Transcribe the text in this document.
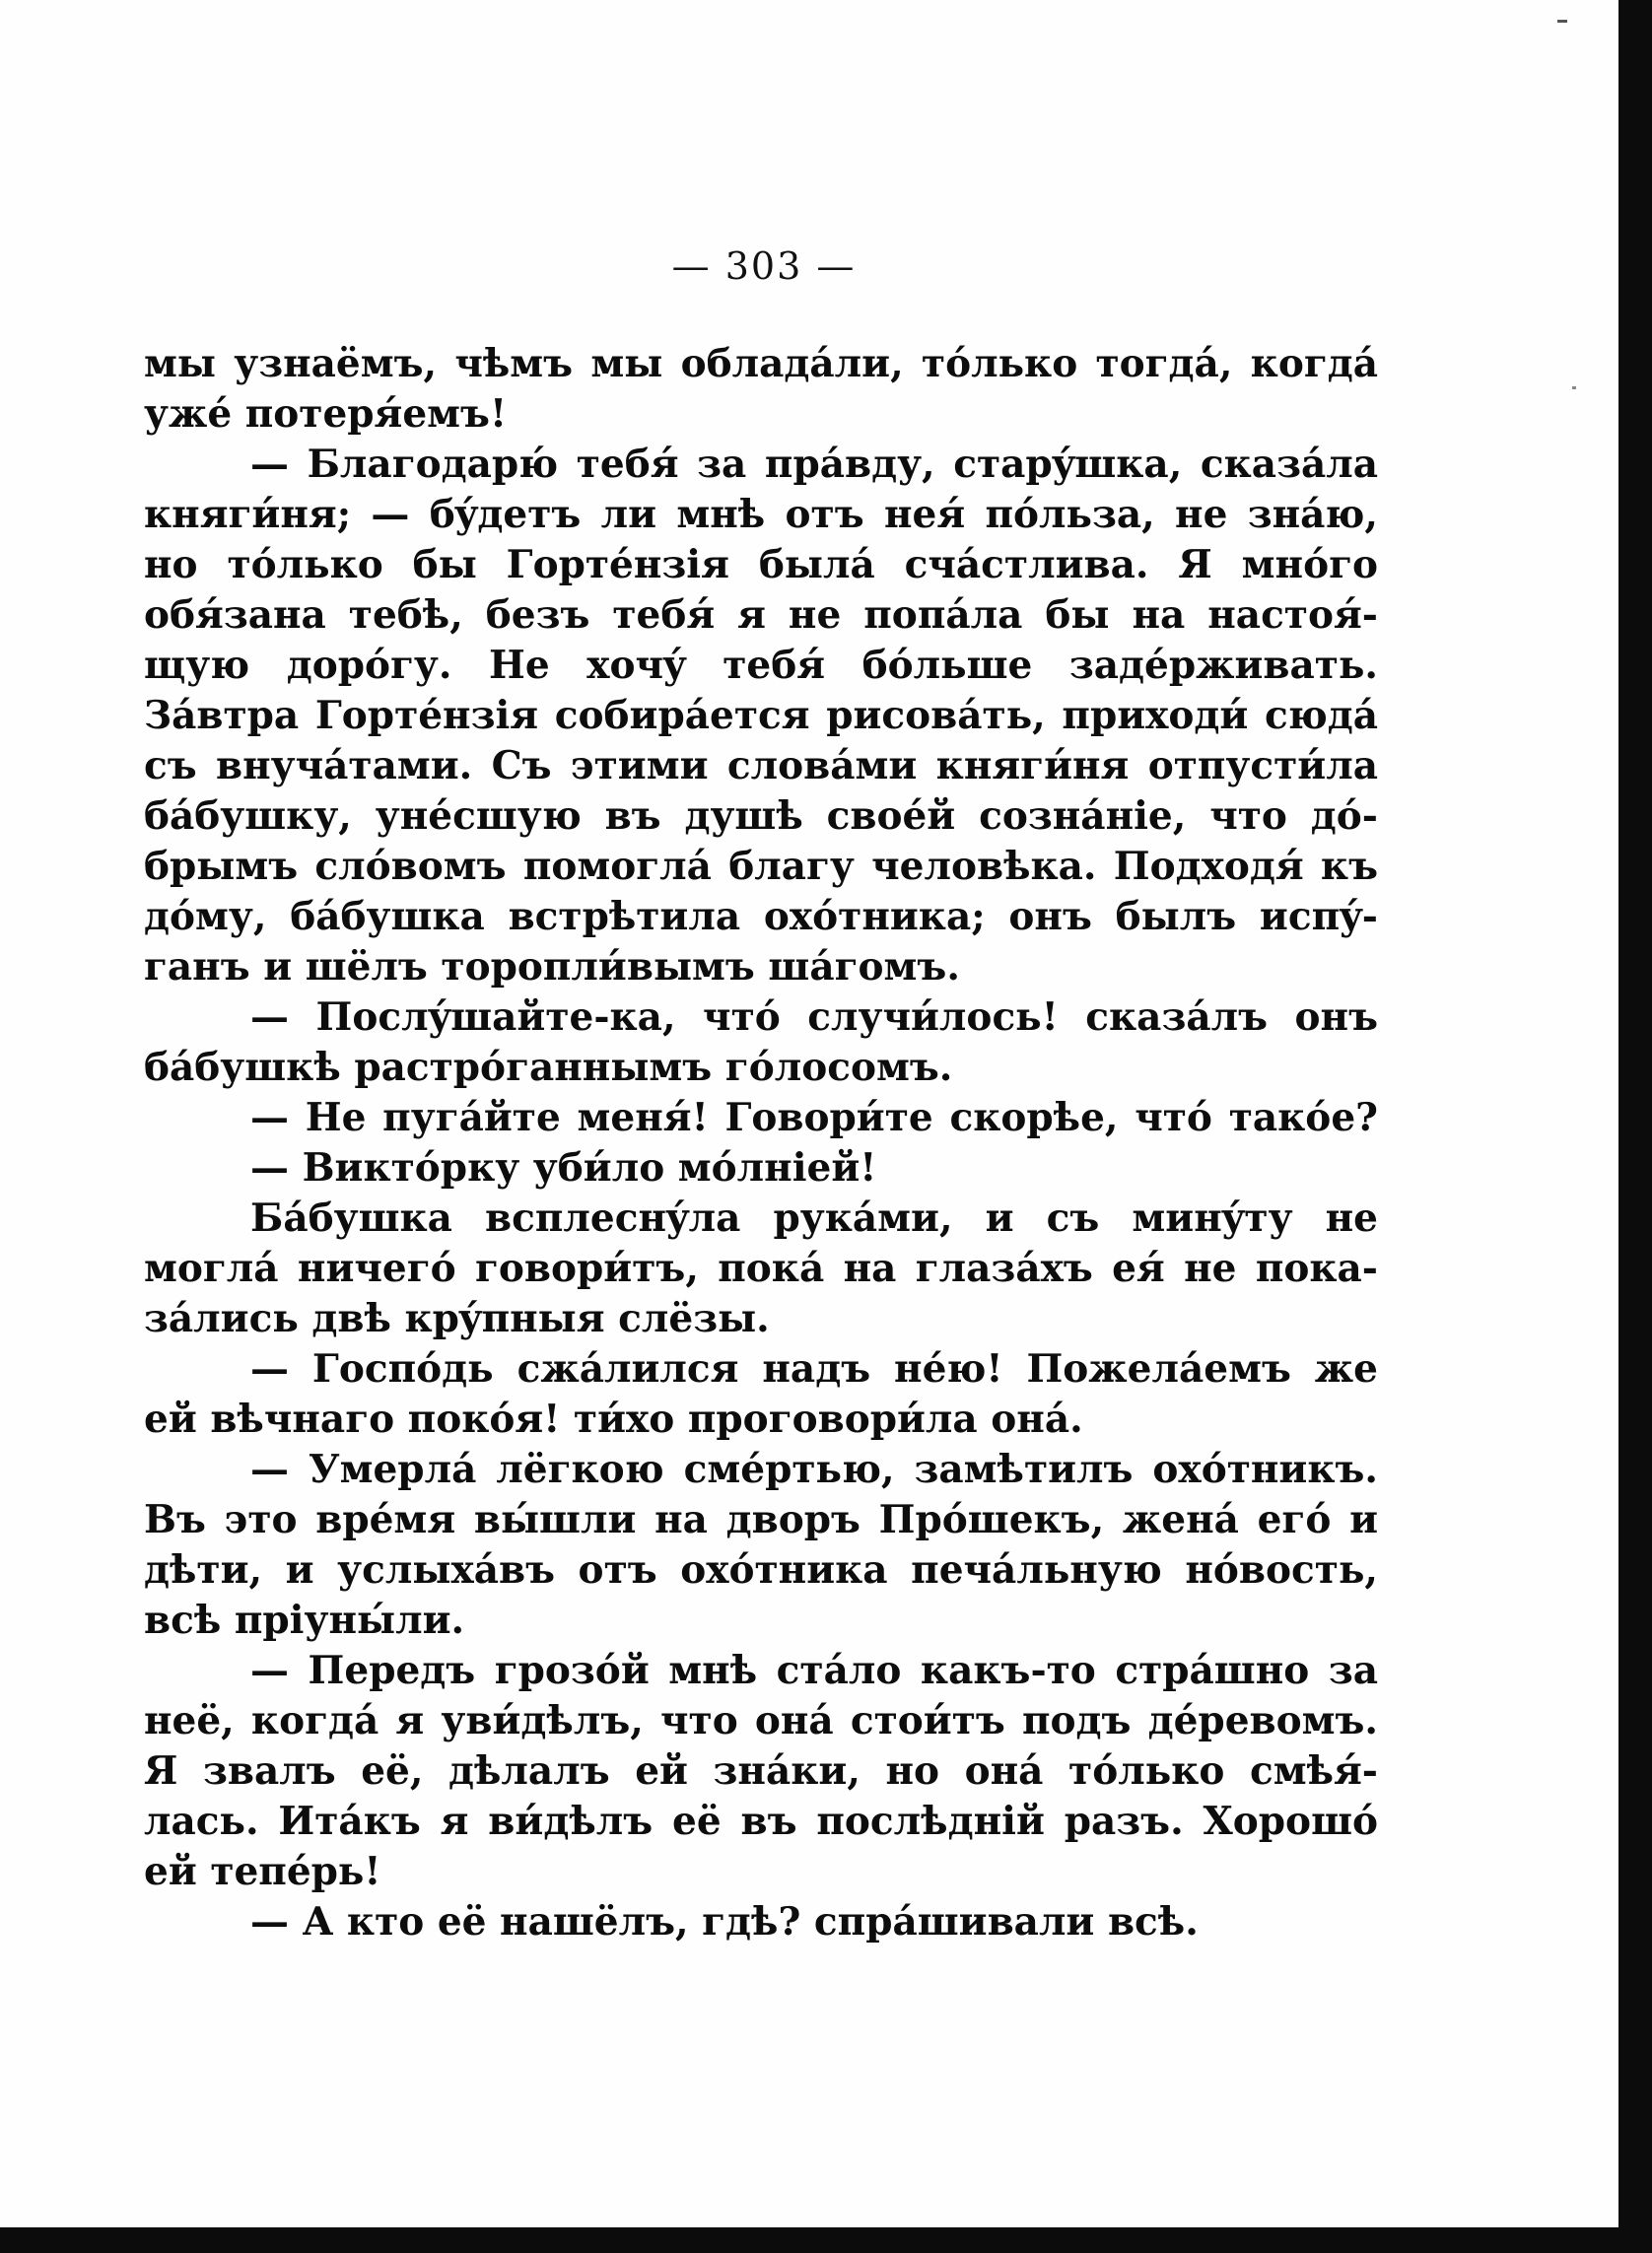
— 303 —
мы узнаёмъ, чѣмъ мы обладáли, тóлько тогдá, когдá
ужé потеря́емъ!
— Благодарю́ тебя́ за прáвду, старýшка, сказáла
княги́ня; — бýдетъ ли мнѣ отъ нея́ пóльза, не знáю,
но тóлько бы Гортéнзія былá счáстлива. Я мнóго
обя́зана тебѣ, безъ тебя́ я не попáла бы на настоя́-
щую дорóгу. Не хочý тебя́ бóльше задéрживать.
Зáвтра Гортéнзія собирáется рисовáть, приходи́ сюдá
съ внучáтами. Съ этими словáми княги́ня отпусти́ла
бáбушку, унéсшую въ душѣ своéй сознáніе, что дó-
брымъ слóвомъ помоглá благу человѣка. Подходя́ къ
дóму, бáбушка встрѣтила охóтника; онъ былъ испý-
ганъ и шёлъ торопли́вымъ шáгомъ.
— Послýшайте-ка, чтó случи́лось! сказáлъ онъ
бáбушкѣ растрóганнымъ гóлосомъ.
— Не пугáйте меня́! Говори́те скорѣе, чтó такóе?
— Виктóрку уби́ло мóлніей!
Бáбушка всплеснýла рукáми, и съ минýту не
моглá ничегó говори́тъ, покá на глазáхъ ея́ не пока-
зáлись двѣ крýпныя слёзы.
— Госпóдь сжáлился надъ нéю! Пожелáемъ же
ей вѣчнаго покóя! ти́хо проговори́ла онá.
— Умерлá лёгкою смéртью, замѣтилъ охóтникъ.
Въ это врéмя вы́шли на дворъ Прóшекъ, женá егó и
дѣти, и услыхáвъ отъ охóтника печáльную нóвость,
всѣ пріуны́ли.
— Передъ грозóй мнѣ стáло какъ-то стрáшно за
неё, когдá я уви́дѣлъ, что онá стои́тъ подъ дéревомъ.
Я звалъ её, дѣлалъ ей знáки, но онá тóлько смѣя́-
лась. Итáкъ я ви́дѣлъ её въ послѣдній разъ. Хорошó
ей тепéрь!
— А кто её нашёлъ, гдѣ? спрáшивали всѣ.
